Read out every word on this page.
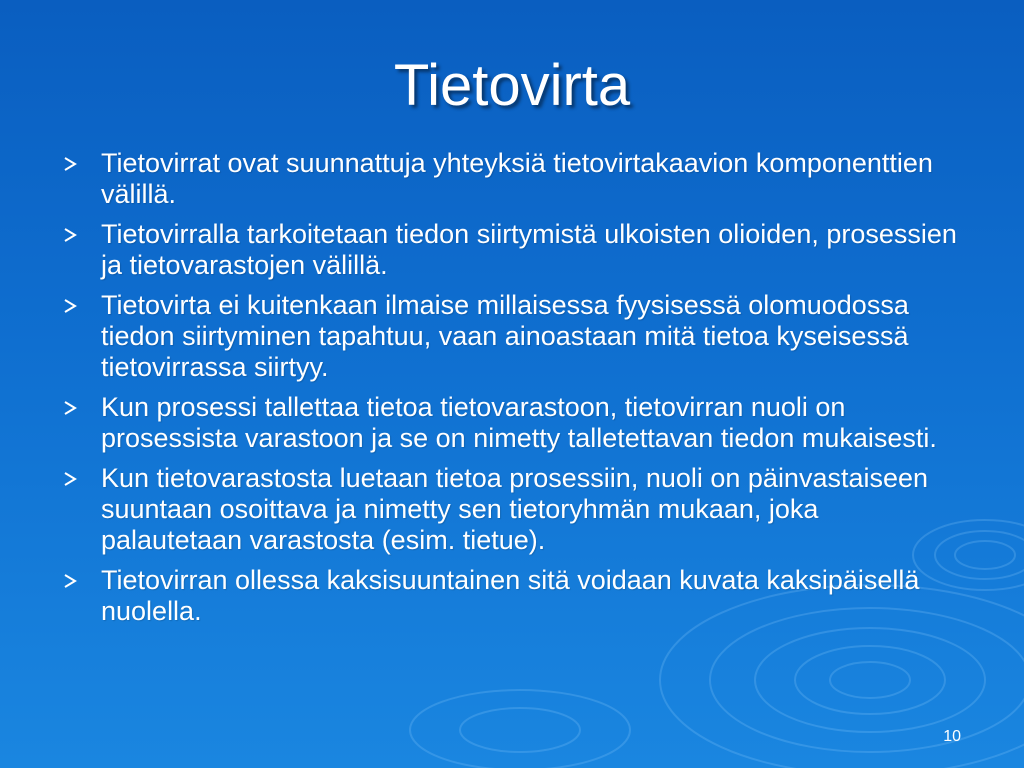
Tietovirta
Tietovirrat ovat suunnattuja yhteyksiä tietovirtakaavion komponenttien välillä.
Tietovirralla tarkoitetaan tiedon siirtymistä ulkoisten olioiden, prosessien ja tietovarastojen välillä.
Tietovirta ei kuitenkaan ilmaise millaisessa fyysisessä olomuodossa tiedon siirtyminen tapahtuu, vaan ainoastaan mitä tietoa kyseisessä tietovirrassa siirtyy.
Kun prosessi tallettaa tietoa tietovarastoon, tietovirran nuoli on prosessista varastoon ja se on nimetty talletettavan tiedon mukaisesti.
Kun tietovarastosta luetaan tietoa prosessiin, nuoli on päinvastaiseen suuntaan osoittava ja nimetty sen tietoryhmän mukaan, joka palautetaan varastosta (esim. tietue).
Tietovirran ollessa kaksisuuntainen sitä voidaan kuvata kaksipäisellä nuolella.
10
